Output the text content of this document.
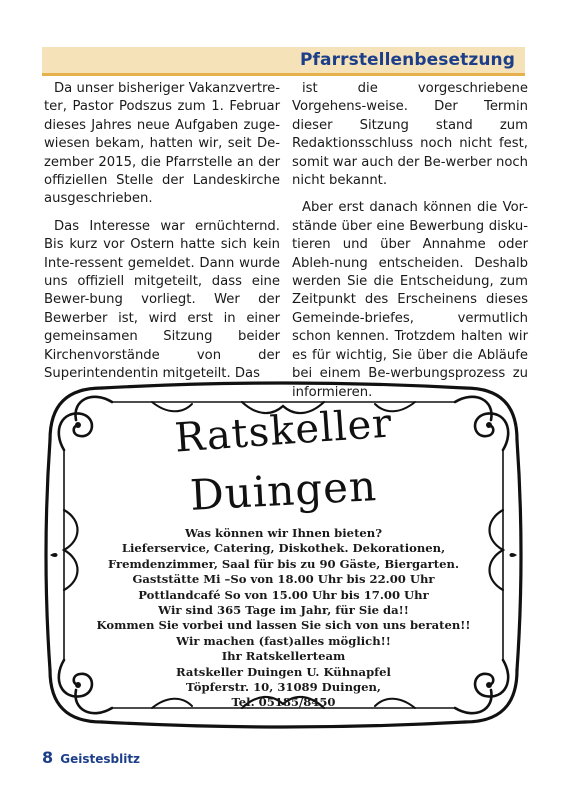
Pfarrstellenbesetzung

Da unser bisheriger Vakanzvertre-ter, Pastor Podszus zum 1. Februar dieses Jahres neue Aufgaben zuge-wiesen bekam, hatten wir, seit De-zember 2015, die Pfarrstelle an der offiziellen Stelle der Landeskirche ausgeschrieben.

Das Interesse war ernüchternd. Bis kurz vor Ostern hatte sich kein Inte-ressent gemeldet. Dann wurde uns offiziell mitgeteilt, dass eine Bewer-bung vorliegt. Wer der Bewerber ist, wird erst in einer gemeinsamen Sitzung beider Kirchenvorstände von der Superintendentin mitgeteilt. Das

ist die vorgeschriebene Vorgehens-weise. Der Termin dieser Sitzung stand zum Redaktionsschluss noch nicht fest, somit war auch der Be-werber noch nicht bekannt.

Aber erst danach können die Vor-stände über eine Bewerbung disku-tieren und über Annahme oder Ableh-nung entscheiden. Deshalb werden Sie die Entscheidung, zum Zeitpunkt des Erscheinens dieses Gemeinde-briefes, vermutlich schon kennen. Trotzdem halten wir es für wichtig, Sie über die Abläufe bei einem Be-werbungsprozess zu informieren.

Ratskeller
Duingen
Was können wir Ihnen bieten?
Lieferservice, Catering, Diskothek. Dekorationen,
Fremdenzimmer, Saal für bis zu 90 Gäste, Biergarten.
Gaststätte Mi –So von 18.00 Uhr bis 22.00 Uhr
Pottlandcafé So von 15.00 Uhr bis 17.00 Uhr
Wir sind 365 Tage im Jahr, für Sie da!!
Kommen Sie vorbei und lassen Sie sich von uns beraten!!
Wir machen (fast)alles möglich!!
Ihr Ratskellerteam
Ratskeller Duingen U. Kühnapfel
Töpferstr. 10, 31089 Duingen,
Tel. 05185/8450
8 Geistesblitz
